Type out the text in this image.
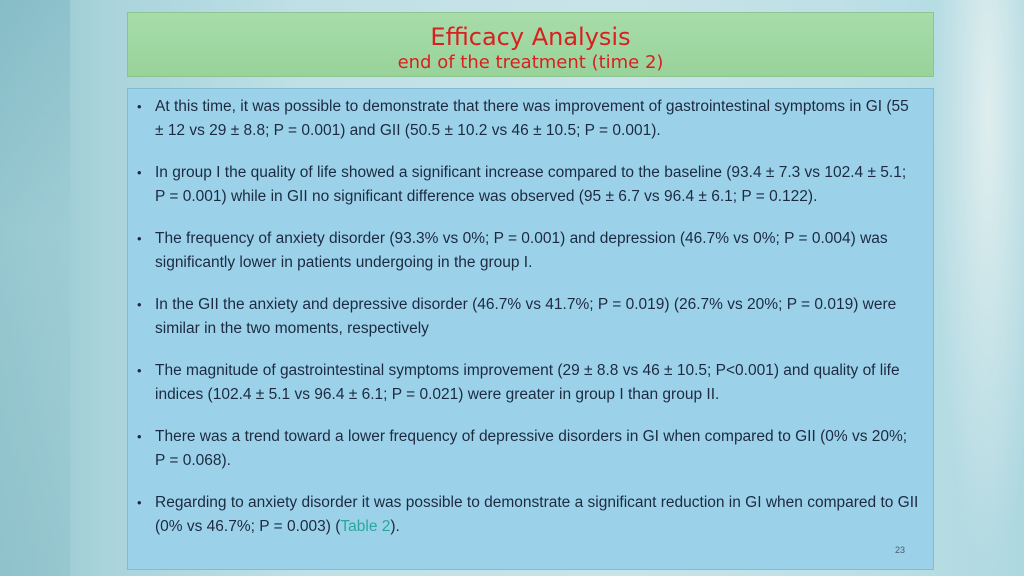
Efficacy Analysis
end of the treatment (time 2)
• At this time, it was possible to demonstrate that there was improvement of gastrointestinal symptoms in GI (55 ± 12 vs 29 ± 8.8; P = 0.001) and GII (50.5 ± 10.2 vs 46 ± 10.5; P = 0.001).
• In group I the quality of life showed a significant increase compared to the baseline (93.4 ± 7.3 vs 102.4 ± 5.1; P = 0.001) while in GII no significant difference was observed (95 ± 6.7 vs 96.4 ± 6.1; P = 0.122).
• The frequency of anxiety disorder (93.3% vs 0%; P = 0.001) and depression (46.7% vs 0%; P = 0.004) was significantly lower in patients undergoing in the group I.
• In the GII the anxiety and depressive disorder (46.7% vs 41.7%; P = 0.019) (26.7% vs 20%; P = 0.019) were similar in the two moments, respectively
• The magnitude of gastrointestinal symptoms improvement (29 ± 8.8 vs 46 ± 10.5; P<0.001) and quality of life indices (102.4 ± 5.1 vs 96.4 ± 6.1; P = 0.021) were greater in group I than group II.
• There was a trend toward a lower frequency of depressive disorders in GI when compared to GII (0% vs 20%; P = 0.068).
• Regarding to anxiety disorder it was possible to demonstrate a significant reduction in GI when compared to GII (0% vs 46.7%; P = 0.003) (Table 2).
23
